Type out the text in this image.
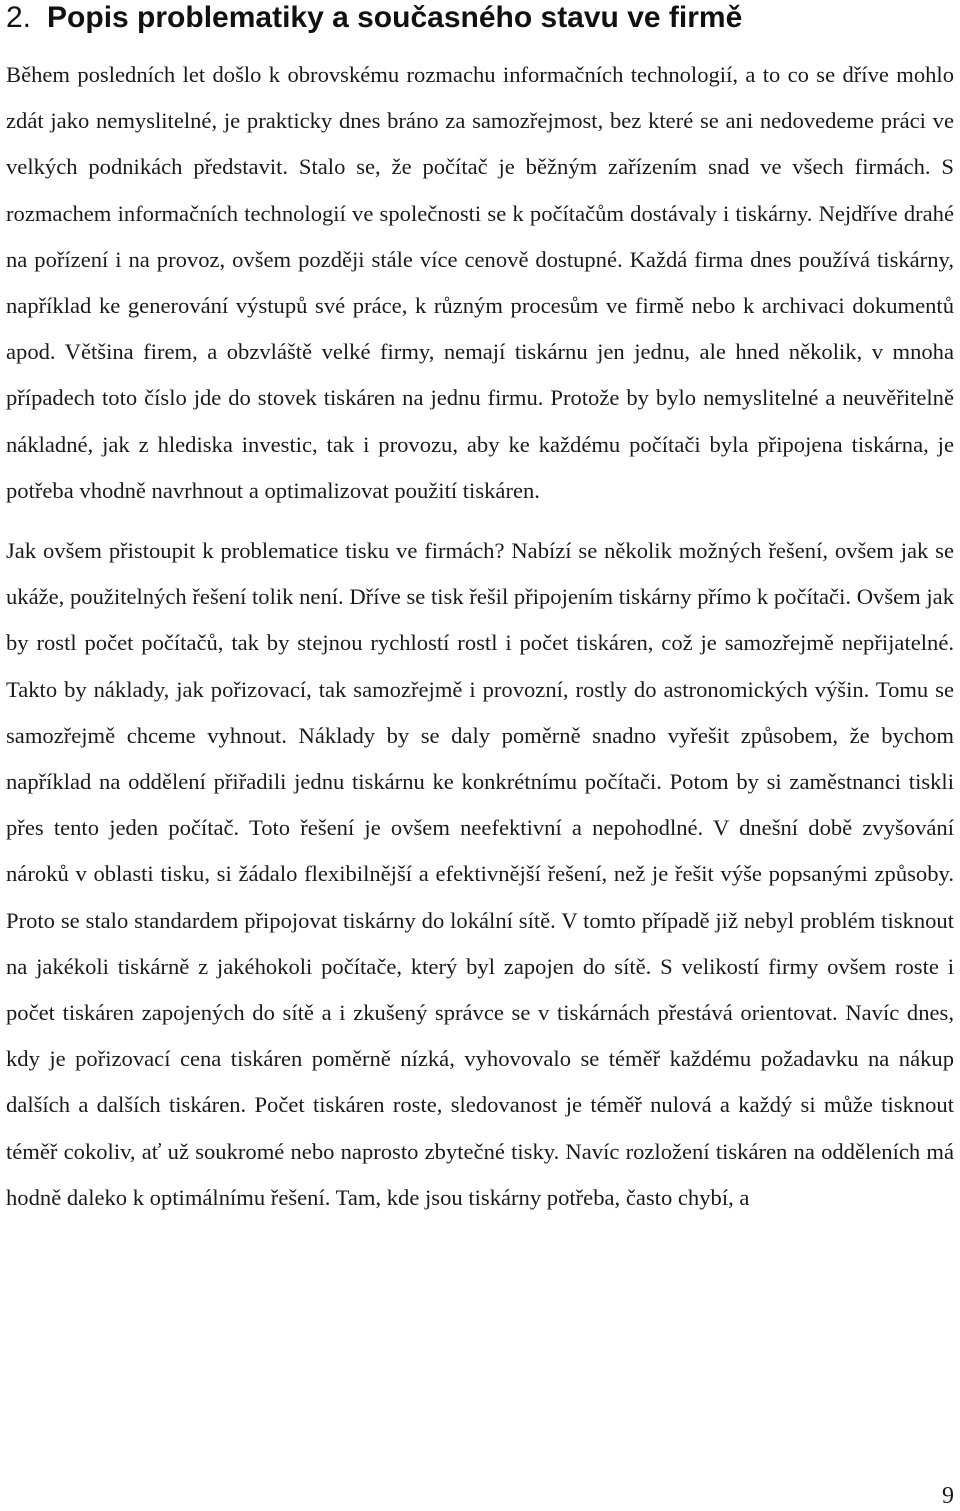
2. Popis problematiky a současného stavu ve firmě

Během posledních let došlo k obrovskému rozmachu informačních technologií, a to co se dříve mohlo zdát jako nemyslitelné, je prakticky dnes bráno za samozřejmost, bez které se ani nedovedeme práci ve velkých podnikách představit. Stalo se, že počítač je běžným zařízením snad ve všech firmách. S rozmachem informačních technologií ve společnosti se k počítačům dostávaly i tiskárny. Nejdříve drahé na pořízení i na provoz, ovšem později stále více cenově dostupné. Každá firma dnes používá tiskárny, například ke generování výstupů své práce, k různým procesům ve firmě nebo k archivaci dokumentů apod. Většina firem, a obzvláště velké firmy, nemají tiskárnu jen jednu, ale hned několik, v mnoha případech toto číslo jde do stovek tiskáren na jednu firmu. Protože by bylo nemyslitelné a neuvěřitelně nákladné, jak z hlediska investic, tak i provozu, aby ke každému počítači byla připojena tiskárna, je potřeba vhodně navrhnout a optimalizovat použití tiskáren.

Jak ovšem přistoupit k problematice tisku ve firmách? Nabízí se několik možných řešení, ovšem jak se ukáže, použitelných řešení tolik není. Dříve se tisk řešil připojením tiskárny přímo k počítači. Ovšem jak by rostl počet počítačů, tak by stejnou rychlostí rostl i počet tiskáren, což je samozřejmě nepřijatelné. Takto by náklady, jak pořizovací, tak samozřejmě i provozní, rostly do astronomických výšin. Tomu se samozřejmě chceme vyhnout. Náklady by se daly poměrně snadno vyřešit způsobem, že bychom například na oddělení přiřadili jednu tiskárnu ke konkrétnímu počítači. Potom by si zaměstnanci tiskli přes tento jeden počítač. Toto řešení je ovšem neefektivní a nepohodlné. V dnešní době zvyšování nároků v oblasti tisku, si žádalo flexibilnější a efektivnější řešení, než je řešit výše popsanými způsoby. Proto se stalo standardem připojovat tiskárny do lokální sítě. V tomto případě již nebyl problém tisknout na jakékoli tiskárně z jakéhokoli počítače, který byl zapojen do sítě. S velikostí firmy ovšem roste i počet tiskáren zapojených do sítě a i zkušený správce se v tiskárnách přestává orientovat. Navíc dnes, kdy je pořizovací cena tiskáren poměrně nízká, vyhovovalo se téměř každému požadavku na nákup dalších a dalších tiskáren. Počet tiskáren roste, sledovanost je téměř nulová a každý si může tisknout téměř cokoliv, ať už soukromé nebo naprosto zbytečné tisky. Navíc rozložení tiskáren na odděleních má hodně daleko k optimálnímu řešení. Tam, kde jsou tiskárny potřeba, často chybí, a

9
